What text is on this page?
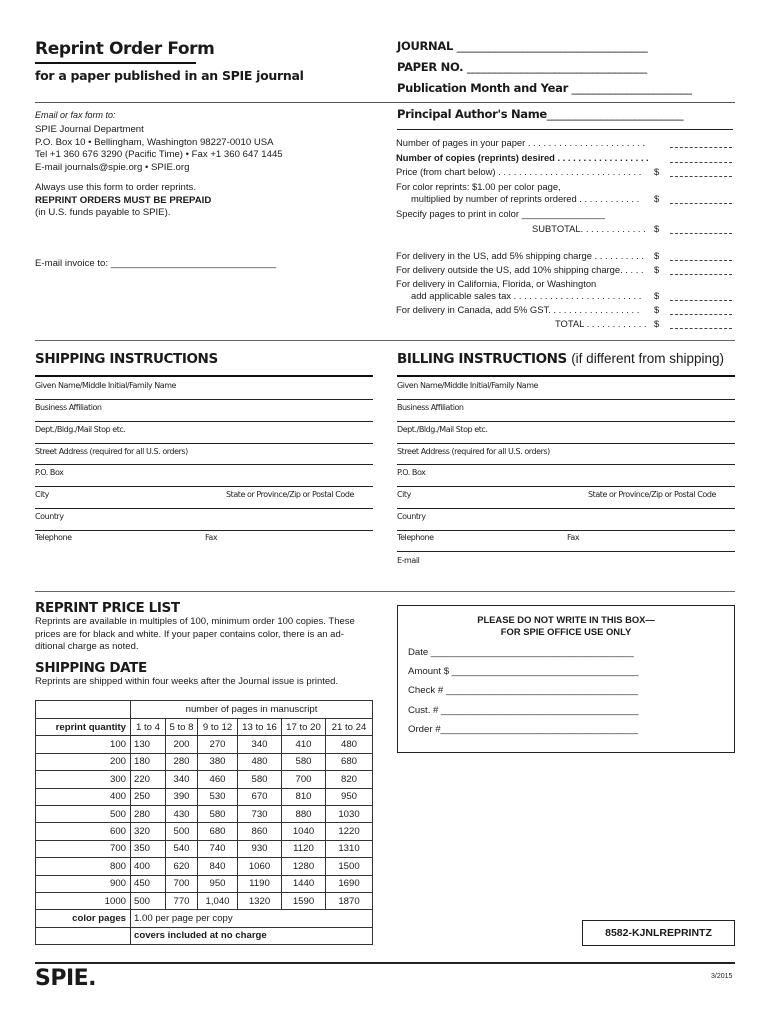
Reprint Order Form
for a paper published in an SPIE journal
JOURNAL ___________________________________
PAPER NO. _________________________________
Publication Month and Year ______________________
Principal Author's Name_________________________
Email or fax form to:
SPIE Journal Department
P.O. Box 10 • Bellingham, Washington 98227-0010 USA
Tel +1 360 676 3290 (Pacific Time) • Fax +1 360 647 1445
E-mail journals@spie.org • SPIE.org
Always use this form to order reprints.
REPRINT ORDERS MUST BE PREPAID
(in U.S. funds payable to SPIE).
E-mail invoice to: _______________________________
Number of pages in your paper . . . . . . . . . . . . . . . . . . . . . . .
Number of copies (reprints) desired . . . . . . . . . . . . . . . . . .
Price (from chart below) . . . . . . . . . . . . . . . . . . . . . . . . . . . . $
For color reprints: $1.00 per color page,
multiplied by number of reprints ordered . . . . . . . . . . . . $
Specify pages to print in color ________________
SUBTOTAL. . . . . . . . . . . . . $
For delivery in the US, add 5% shipping charge . . . . . . . . . . $
For delivery outside the US, add 10% shipping charge. . . . . $
For delivery in California, Florida, or Washington
add applicable sales tax . . . . . . . . . . . . . . . . . . . . . . . . . $
For delivery in Canada, add 5% GST. . . . . . . . . . . . . . . . . . $
TOTAL . . . . . . . . . . . . $
SHIPPING INSTRUCTIONS
Given Name/Middle Initial/Family Name
Business Affiliation
Dept./Bldg./Mail Stop etc.
Street Address (required for all U.S. orders)
P.O. Box
City	State or Province/Zip or Postal Code
Country
Telephone	Fax
BILLING INSTRUCTIONS (if different from shipping)
Given Name/Middle Initial/Family Name
Business Affiliation
Dept./Bldg./Mail Stop etc.
Street Address (required for all U.S. orders)
P.O. Box
City	State or Province/Zip or Postal Code
Country
Telephone	Fax
E-mail
REPRINT PRICE LIST
Reprints are available in multiples of 100, minimum order 100 copies. These
prices are for black and white. If your paper contains color, there is an ad-
ditional charge as noted.
SHIPPING DATE
Reprints are shipped within four weeks after the Journal issue is printed.
	number of pages in manuscript					
reprint quantity	1 to 4	5 to 8	9 to 12	13 to 16	17 to 20	21 to 24
100	130	200	270	340	410	480
200	180	280	380	480	580	680
300	220	340	460	580	700	820
400	250	390	530	670	810	950
500	280	430	580	730	880	1030
600	320	500	680	860	1040	1220
700	350	540	740	930	1120	1310
800	400	620	840	1060	1280	1500
900	450	700	950	1190	1440	1690
1000	500	770	1,040	1320	1590	1870
color pages	1.00 per page per copy					
	covers included at no charge					
PLEASE DO NOT WRITE IN THIS BOX—
FOR SPIE OFFICE USE ONLY
Date ______________________________________
Amount $ ___________________________________
Check # ____________________________________
Cust. # _____________________________________
Order #_____________________________________
8582-KJNLREPRINTZ
SPIE.	3/2015
